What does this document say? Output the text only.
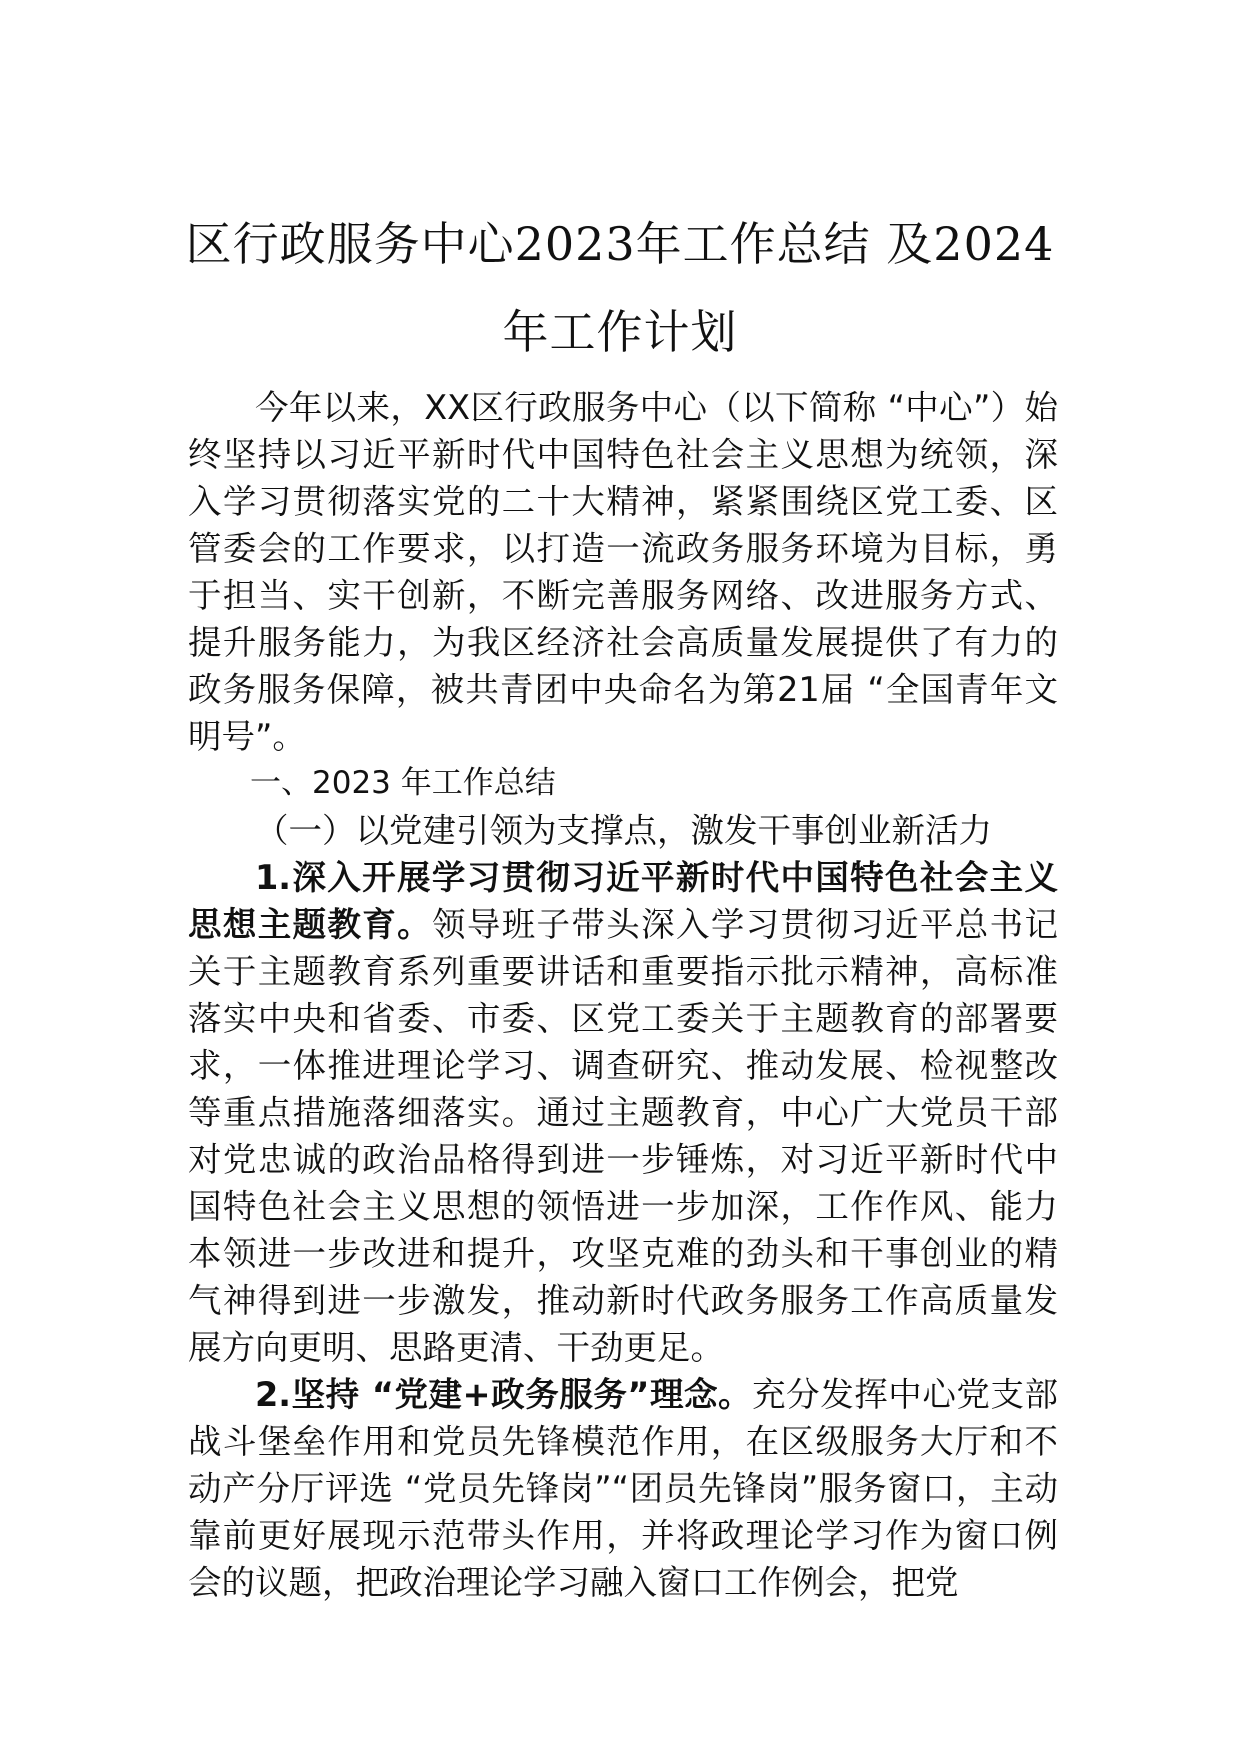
区行政服务中心2023年工作总结 及2024
年工作计划

今年以来，XX区行政服务中心（以下简称 “中心”）始终坚持以习近平新时代中国特色社会主义思想为统领，深入学习贯彻落实党的二十大精神，紧紧围绕区党工委、区管委会的工作要求，以打造一流政务服务环境为目标，勇于担当、实干创新，不断完善服务网络、改进服务方式、提升服务能力，为我区经济社会高质量发展提供了有力的政务服务保障，被共青团中央命名为第21届 “全国青年文明号”。

一、2023 年工作总结

（一）以党建引领为支撑点，激发干事创业新活力

1.深入开展学习贯彻习近平新时代中国特色社会主义思想主题教育。领导班子带头深入学习贯彻习近平总书记关于主题教育系列重要讲话和重要指示批示精神，高标准落实中央和省委、市委、区党工委关于主题教育的部署要求，一体推进理论学习、调查研究、推动发展、检视整改等重点措施落细落实。通过主题教育，中心广大党员干部对党忠诚的政治品格得到进一步锤炼，对习近平新时代中国特色社会主义思想的领悟进一步加深，工作作风、能力本领进一步改进和提升，攻坚克难的劲头和干事创业的精气神得到进一步激发，推动新时代政务服务工作高质量发展方向更明、思路更清、干劲更足。

2.坚持 “党建+政务服务”理念。充分发挥中心党支部战斗堡垒作用和党员先锋模范作用，在区级服务大厅和不动产分厅评选 “党员先锋岗”“团员先锋岗”服务窗口，主动靠前更好展现示范带头作用，并将政理论学习作为窗口例会的议题，把政治理论学习融入窗口工作例会，把党
